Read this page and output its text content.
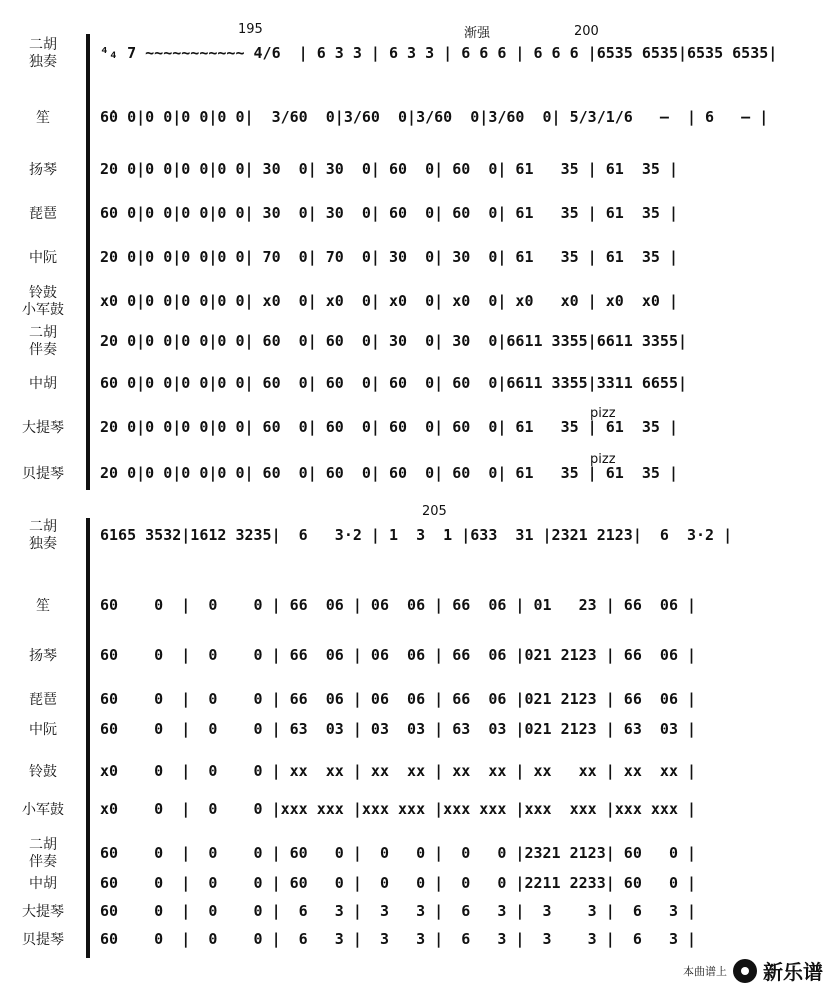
195	渐强	200
二胡
独奏	⁴₄ 7 ~~~~~~~~~~~ 4/6  | 6 3 3 | 6 3 3 | 6 6 6 | 6 6 6 |6535 6535|6535 6535|
笙	6̇0 0|0 0|0 0|0 0|  3/60  0|3/60  0|3/60  0|3/60  0| 5/3/1/6   –  | 6   – |
扬琴	20 0|0 0|0 0|0 0| 30  0| 30  0| 60  0| 60  0| 61   35 | 61  35 |
琵琶	60 0|0 0|0 0|0 0| 30  0| 30  0| 60  0| 60  0| 61   35 | 61  35 |
中阮	20 0|0 0|0 0|0 0| 70  0| 70  0| 30  0| 30  0| 61   35 | 61  35 |
铃鼓
小军鼓	x0 0|0 0|0 0|0 0| x0  0| x0  0| x0  0| x0  0| x0   x0 | x0  x0 |
二胡
伴奏	20 0|0 0|0 0|0 0| 60  0| 60  0| 30  0| 30  0|6611 3355|6611 3355|
中胡	60 0|0 0|0 0|0 0| 60  0| 60  0| 60  0| 60  0|6611 3355|3311 6655|
大提琴	20 0|0 0|0 0|0 0| 60  0| 60  0| 60  0| 60  0| 61   35 | 61  35 |
贝提琴	20 0|0 0|0 0|0 0| 60  0| 60  0| 60  0| 60  0| 61   35 | 61  35 |
pizz
pizz
205
二胡
独奏	6165 3532|1612 3235|  6   3·2 | 1  3  1 |633  31 |2321 2123|  6  3·2 |
笙	60    0  |  0    0 | 66  06 | 06  06 | 66  06 | 01   23 | 66  06 |
扬琴	60    0  |  0    0 | 66  06 | 06  06 | 66  06 |021 2123 | 66  06 |
琵琶	60    0  |  0    0 | 66  06 | 06  06 | 66  06 |021 2123 | 66  06 |
中阮	60    0  |  0    0 | 63  03 | 03  03 | 63  03 |021 2123 | 63  03 |
铃鼓	x0    0  |  0    0 | xx  xx | xx  xx | xx  xx | xx   xx | xx  xx |
小军鼓	x0    0  |  0    0 |xxx xxx |xxx xxx |xxx xxx |xxx  xxx |xxx xxx |
二胡
伴奏	60    0  |  0    0 | 60   0 |  0   0 |  0   0 |2321 2123| 60   0 |
中胡	60    0  |  0    0 | 60   0 |  0   0 |  0   0 |2211 2233| 60   0 |
大提琴	60    0  |  0    0 |  6   3 |  3   3 |  6   3 |  3    3 |  6   3 |
贝提琴	60    0  |  0    0 |  6   3 |  3   3 |  6   3 |  3    3 |  6   3 |
本曲谱上 新乐谱
